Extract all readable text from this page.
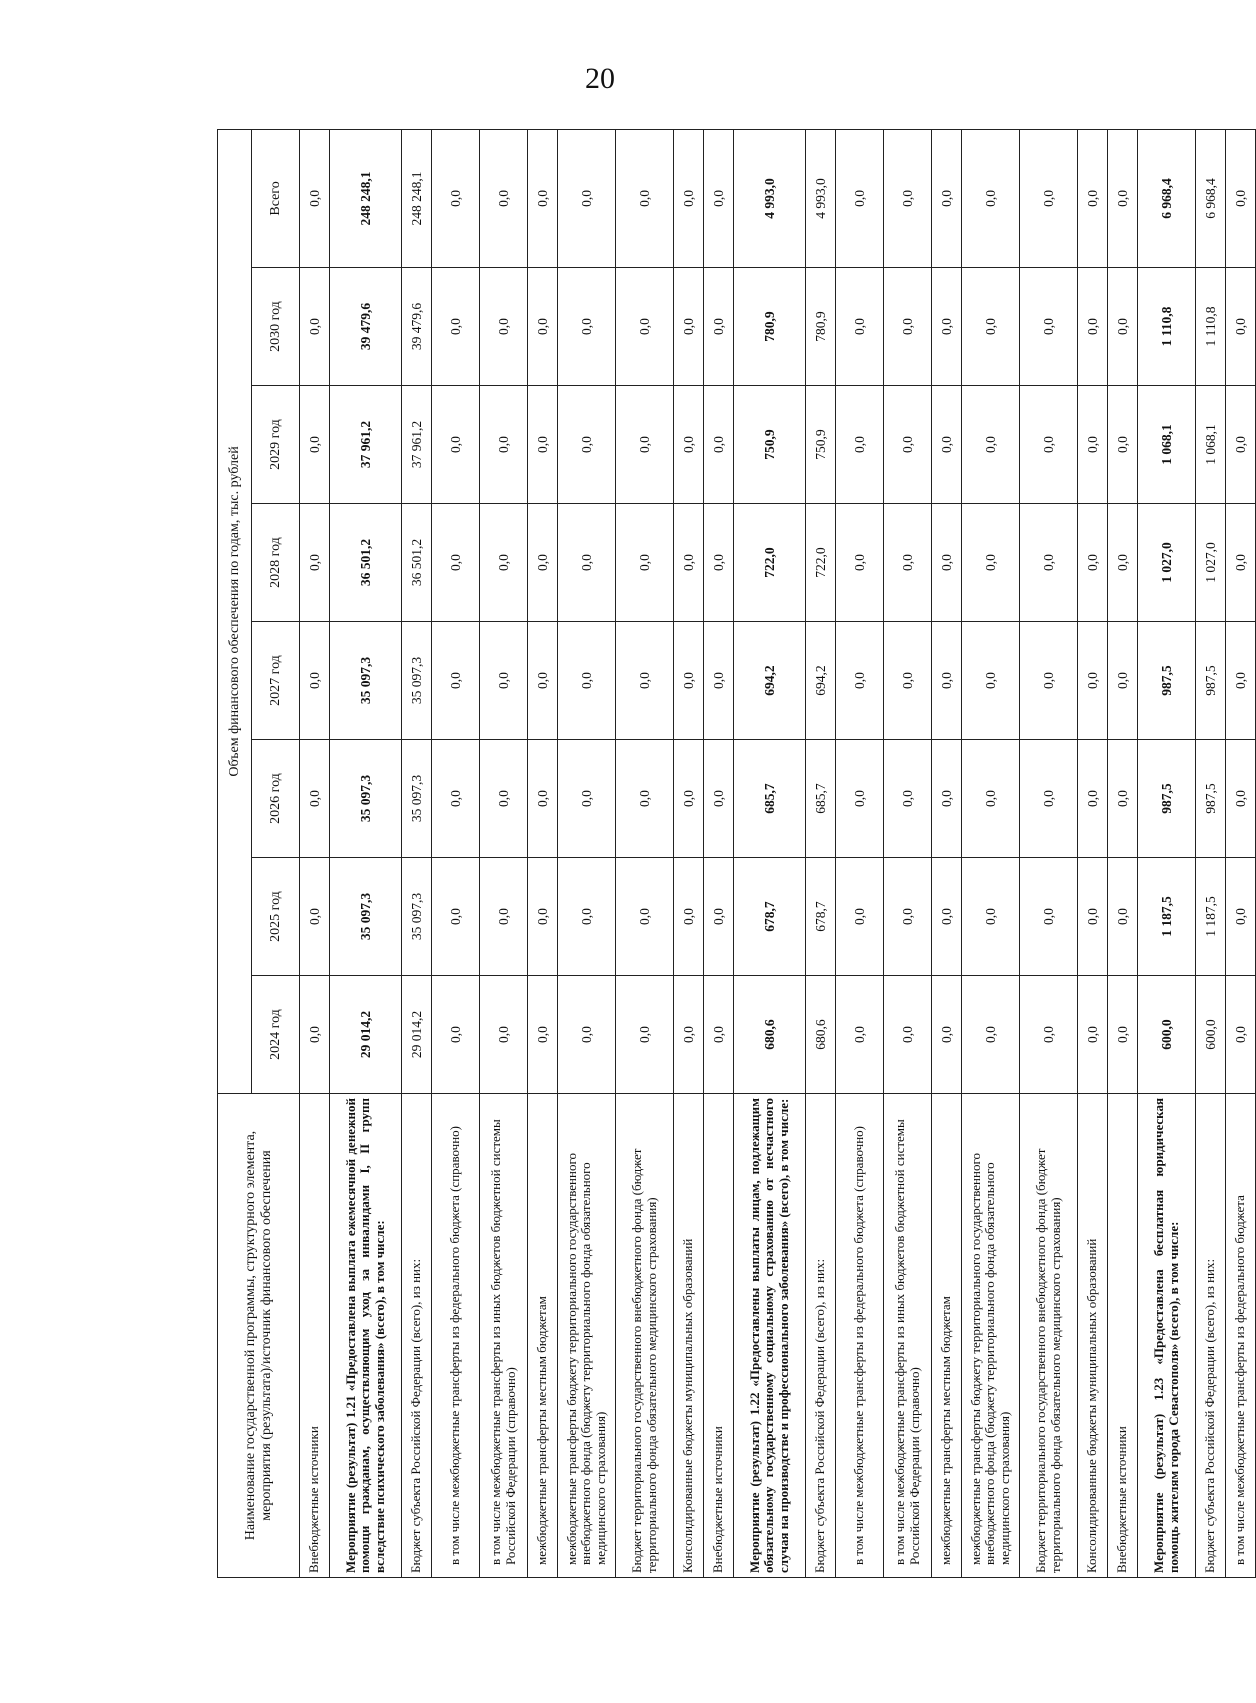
20
Наименование государственной программы, структурного элемента, мероприятия (результата)/источник финансового обеспечения	Объем финансового обеспечения по годам, тыс. рублей							
	2024 год	2025 год	2026 год	2027 год	2028 год	2029 год	2030 год	Всего
Внебюджетные источники	0,0	0,0	0,0	0,0	0,0	0,0	0,0	0,0
Мероприятие (результат) 1.21 «Предоставлена выплата ежемесячной денежной помощи гражданам, осуществляющим уход за инвалидами I, II групп вследствие психического заболевания» (всего), в том числе:	29 014,2	35 097,3	35 097,3	35 097,3	36 501,2	37 961,2	39 479,6	248 248,1
Бюджет субъекта Российской Федерации (всего), из них:	29 014,2	35 097,3	35 097,3	35 097,3	36 501,2	37 961,2	39 479,6	248 248,1
в том числе межбюджетные трансферты из федерального бюджета (справочно)	0,0	0,0	0,0	0,0	0,0	0,0	0,0	0,0
в том числе межбюджетные трансферты из иных бюджетов бюджетной системы Российской Федерации (справочно)	0,0	0,0	0,0	0,0	0,0	0,0	0,0	0,0
межбюджетные трансферты местным бюджетам	0,0	0,0	0,0	0,0	0,0	0,0	0,0	0,0
межбюджетные трансферты бюджету территориального государственного внебюджетного фонда (бюджету территориального фонда обязательного медицинского страхования)	0,0	0,0	0,0	0,0	0,0	0,0	0,0	0,0
Бюджет территориального государственного внебюджетного фонда (бюджет территориального фонда обязательного медицинского страхования)	0,0	0,0	0,0	0,0	0,0	0,0	0,0	0,0
Консолидированные бюджеты муниципальных образований	0,0	0,0	0,0	0,0	0,0	0,0	0,0	0,0
Внебюджетные источники	0,0	0,0	0,0	0,0	0,0	0,0	0,0	0,0
Мероприятие (результат) 1.22 «Предоставлены выплаты лицам, подлежащим обязательному государственному социальному страхованию от несчастного случая на производстве и профессионального заболевания» (всего), в том числе:	680,6	678,7	685,7	694,2	722,0	750,9	780,9	4 993,0
Бюджет субъекта Российской Федерации (всего), из них:	680,6	678,7	685,7	694,2	722,0	750,9	780,9	4 993,0
в том числе межбюджетные трансферты из федерального бюджета (справочно)	0,0	0,0	0,0	0,0	0,0	0,0	0,0	0,0
в том числе межбюджетные трансферты из иных бюджетов бюджетной системы Российской Федерации (справочно)	0,0	0,0	0,0	0,0	0,0	0,0	0,0	0,0
межбюджетные трансферты местным бюджетам	0,0	0,0	0,0	0,0	0,0	0,0	0,0	0,0
межбюджетные трансферты бюджету территориального государственного внебюджетного фонда (бюджету территориального фонда обязательного медицинского страхования)	0,0	0,0	0,0	0,0	0,0	0,0	0,0	0,0
Бюджет территориального государственного внебюджетного фонда (бюджет территориального фонда обязательного медицинского страхования)	0,0	0,0	0,0	0,0	0,0	0,0	0,0	0,0
Консолидированные бюджеты муниципальных образований	0,0	0,0	0,0	0,0	0,0	0,0	0,0	0,0
Внебюджетные источники	0,0	0,0	0,0	0,0	0,0	0,0	0,0	0,0
Мероприятие (результат) 1.23 «Предоставлена бесплатная юридическая помощь жителям города Севастополя» (всего), в том числе:	600,0	1 187,5	987,5	987,5	1 027,0	1 068,1	1 110,8	6 968,4
Бюджет субъекта Российской Федерации (всего), из них:	600,0	1 187,5	987,5	987,5	1 027,0	1 068,1	1 110,8	6 968,4
в том числе межбюджетные трансферты из федерального бюджета	0,0	0,0	0,0	0,0	0,0	0,0	0,0	0,0
